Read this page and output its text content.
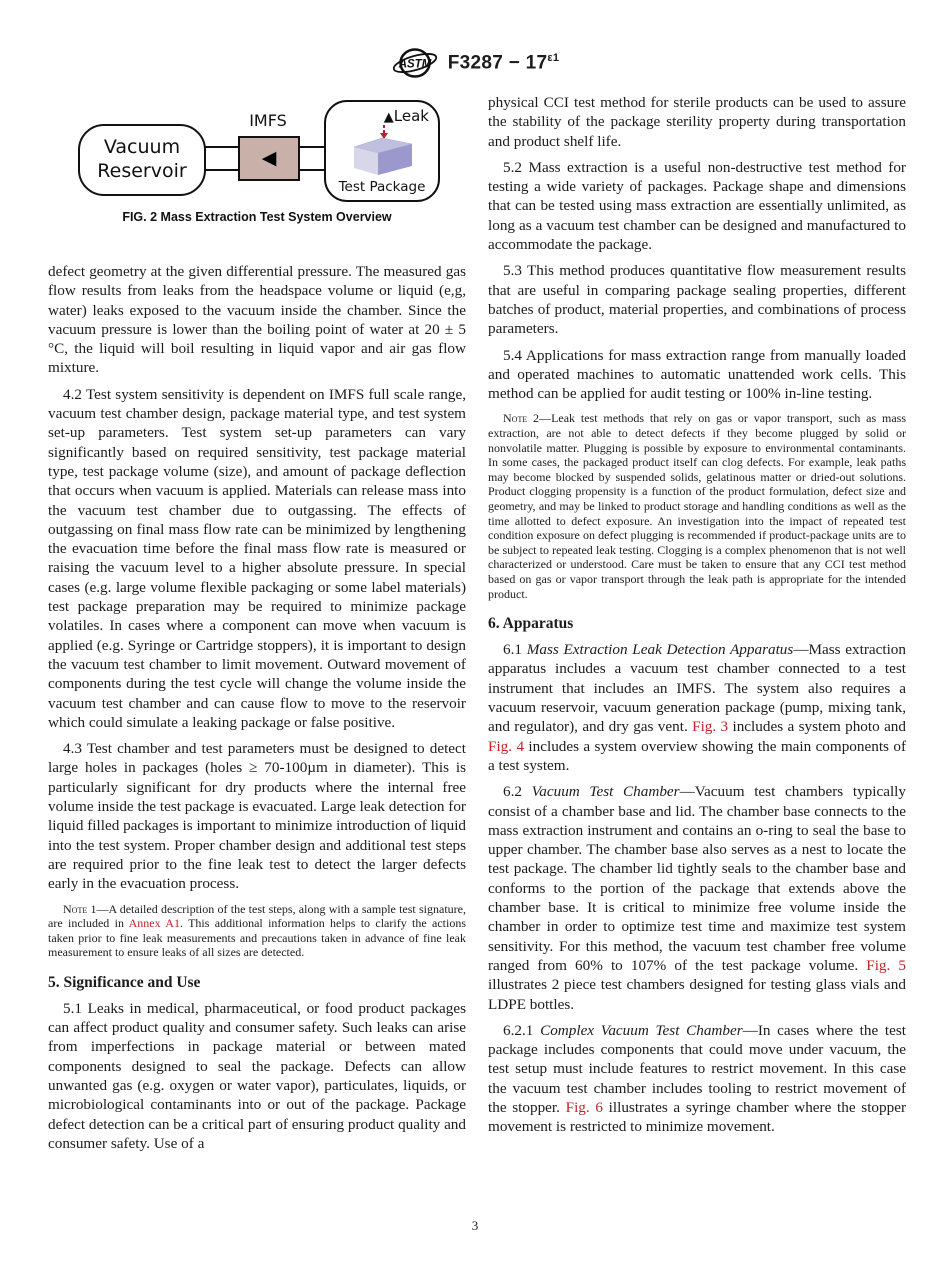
ASTM $F3287 - 17^{\varepsilon 1}$
Vacuum
Reservoir
IMFS
◀
▲Leak
Test Package
FIG. 2 Mass Extraction Test System Overview

defect geometry at the given differential pressure. The measured gas flow results from leaks from the headspace volume or liquid (e,g, water) leaks exposed to the vacuum inside the chamber. Since the vacuum pressure is lower than the boiling point of water at 20 ± 5 °C, the liquid will boil resulting in liquid vapor and air gas flow mixture.

4.2 Test system sensitivity is dependent on IMFS full scale range, vacuum test chamber design, package material type, and test system set-up parameters. Test system set-up parameters can vary significantly based on required sensitivity, test package material type, test package volume (size), and amount of package deflection that occurs when vacuum is applied. Materials can release mass into the vacuum test chamber due to outgassing. The effects of outgassing on final mass flow rate can be minimized by lengthening the evacuation time before the final mass flow rate is measured or raising the vacuum level to a higher absolute pressure. In special cases (e.g. large volume flexible packaging or some label materials) test package preparation may be required to minimize package volatiles. In cases where a component can move when vacuum is applied (e.g. Syringe or Cartridge stoppers), it is important to design the vacuum test chamber to limit movement. Outward movement of components during the test cycle will change the volume inside the vacuum test chamber and can cause flow to move to the reservoir which could simulate a leaking package or false positive.

4.3 Test chamber and test parameters must be designed to detect large holes in packages (holes ≥ 70-100µm in diameter). This is particularly significant for dry products where the internal free volume inside the test package is evacuated. Large leak detection for liquid filled packages is important to minimize introduction of liquid into the test system. Proper chamber design and additional test steps are required prior to the fine leak test to detect the larger defects early in the evacuation process.

Note 1—A detailed description of the test steps, along with a sample test signature, are included in Annex A1. This additional information helps to clarify the actions taken prior to fine leak measurements and precautions taken in advance of fine leak measurement to ensure leaks of all sizes are detected.

5. Significance and Use

5.1 Leaks in medical, pharmaceutical, or food product packages can affect product quality and consumer safety. Such leaks can arise from imperfections in package material or between mated components designed to seal the package. Defects can allow unwanted gas (e.g. oxygen or water vapor), particulates, liquids, or microbiological contaminants into or out of the package. Package defect detection can be a critical part of ensuring product quality and consumer safety. Use of a

physical CCI test method for sterile products can be used to assure the stability of the package sterility property during transportation and product shelf life.

5.2 Mass extraction is a useful non-destructive test method for testing a wide variety of packages. Package shape and dimensions that can be tested using mass extraction are essentially unlimited, as long as a vacuum test chamber can be designed and manufactured to accommodate the package.

5.3 This method produces quantitative flow measurement results that are useful in comparing package sealing properties, different batches of product, material properties, and combinations of process parameters.

5.4 Applications for mass extraction range from manually loaded and operated machines to automatic unattended work cells. This method can be applied for audit testing or 100% in-line testing.

Note 2—Leak test methods that rely on gas or vapor transport, such as mass extraction, are not able to detect defects if they become plugged by solid or nonvolatile matter. Plugging is possible by exposure to environmental contaminants. In some cases, the packaged product itself can clog defects. For example, leak paths may become blocked by suspended solids, gelatinous matter or dried-out solutions. Product clogging propensity is a function of the product formulation, defect size and geometry, and may be linked to product storage and handling conditions as well as the time allotted to defect exposure. An investigation into the impact of repeated test condition exposure on defect plugging is recommended if product-package units are to be subject to repeated leak testing. Clogging is a complex phenomenon that is not well characterized or understood. Care must be taken to ensure that any CCI test method based on gas or vapor transport through the leak path is appropriate for the intended product.

6. Apparatus

6.1 Mass Extraction Leak Detection Apparatus—Mass extraction apparatus includes a vacuum test chamber connected to a test instrument that includes an IMFS. The system also requires a vacuum reservoir, vacuum generation package (pump, mixing tank, and regulator), and dry gas vent. Fig. 3 includes a system photo and Fig. 4 includes a system overview showing the main components of a test system.

6.2 Vacuum Test Chamber—Vacuum test chambers typically consist of a chamber base and lid. The chamber base connects to the mass extraction instrument and contains an o-ring to seal the base to upper chamber. The chamber base also serves as a nest to locate the test package. The chamber lid tightly seals to the chamber base and conforms to the portion of the package that extends above the chamber base. It is critical to minimize free volume inside the chamber in order to optimize test time and maximize test system sensitivity. For this method, the vacuum test chamber free volume ranged from 60% to 107% of the test package volume. Fig. 5 illustrates 2 piece test chambers designed for testing glass vials and LDPE bottles.

6.2.1 Complex Vacuum Test Chamber—In cases where the test package includes components that could move under vacuum, the test setup must include features to restrict movement. In this case the vacuum test chamber includes tooling to restrict movement of the stopper. Fig. 6 illustrates a syringe chamber where the stopper movement is restricted to minimize movement.

3
